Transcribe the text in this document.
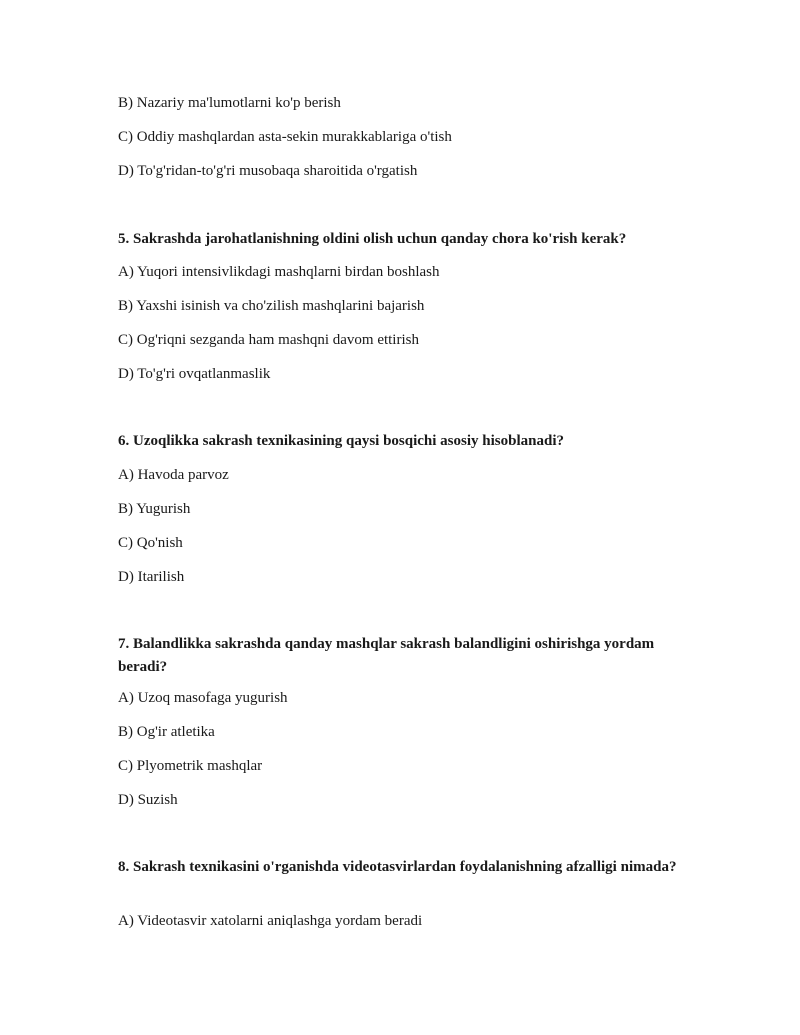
B) Nazariy ma'lumotlarni ko'p berish
C) Oddiy mashqlardan asta-sekin murakkablariga o'tish
D) To'g'ridan-to'g'ri musobaqa sharoitida o'rgatish
5. Sakrashda jarohatlanishning oldini olish uchun qanday chora ko'rish kerak?
A) Yuqori intensivlikdagi mashqlarni birdan boshlash
B) Yaxshi isinish va cho'zilish mashqlarini bajarish
C) Og'riqni sezganda ham mashqni davom ettirish
D) To'g'ri ovqatlanmaslik
6. Uzoqlikka sakrash texnikasining qaysi bosqichi asosiy hisoblanadi?
A) Havoda parvoz
B) Yugurish
C) Qo'nish
D) Itarilish
7. Balandlikka sakrashda qanday mashqlar sakrash balandligini oshirishga yordam beradi?
A) Uzoq masofaga yugurish
B) Og'ir atletika
C) Plyometrik mashqlar
D) Suzish
8. Sakrash texnikasini o'rganishda videotasvirlardan foydalanishning afzalligi nimada?
A) Videotasvir xatolarni aniqlashga yordam beradi
